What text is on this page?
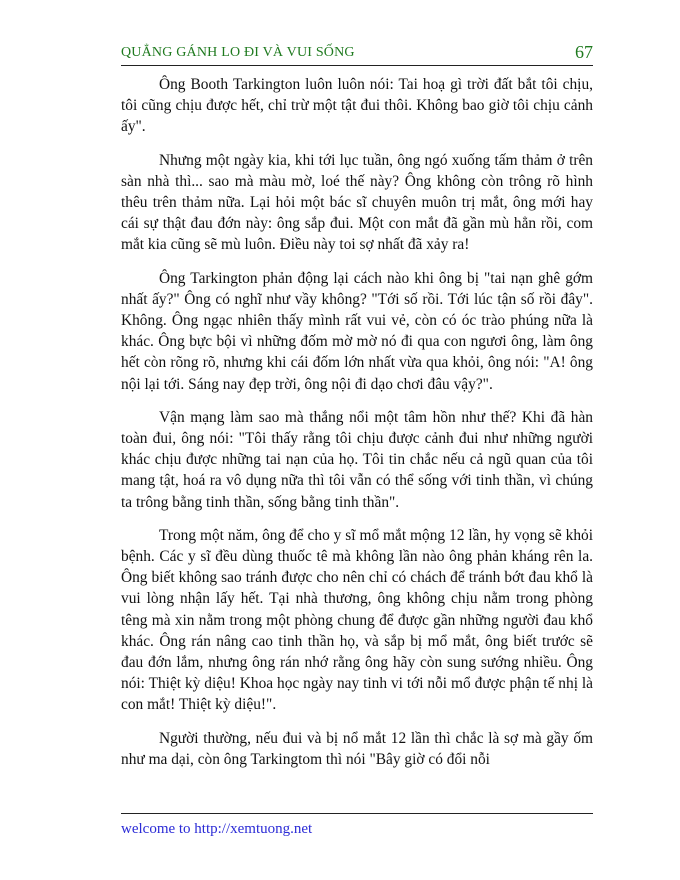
QUẲNG GÁNH LO ĐI VÀ VUI SỐNG	67

Ông Booth Tarkington luôn luôn nói: Tai hoạ gì trời đất bắt tôi chịu, tôi cũng chịu được hết, chỉ trừ một tật đui thôi. Không bao giờ tôi chịu cảnh ấy".

Nhưng một ngày kia, khi tới lục tuần, ông ngó xuống tấm thảm ở trên sàn nhà thì... sao mà màu mờ, loé thế này? Ông không còn trông rõ hình thêu trên thảm nữa. Lại hỏi một bác sĩ chuyên muôn trị mắt, ông mới hay cái sự thật đau đớn này: ông sắp đui. Một con mắt đã gần mù hẳn rồi, com mắt kia cũng sẽ mù luôn. Điều này toi sợ nhất đã xảy ra!

Ông Tarkington phản động lại cách nào khi ông bị "tai nạn ghê gớm nhất ấy?" Ông có nghĩ như vầy không? "Tới số rồi. Tới lúc tận số rồi đây". Không. Ông ngạc nhiên thấy mình rất vui vẻ, còn có óc trào phúng nữa là khác. Ông bực bội vì những đốm mờ mờ nó đi qua con ngươi ông, làm ông hết còn rõng rõ, nhưng khi cái đốm lớn nhất vừa qua khỏi, ông nói: "A! ông nội lại tới. Sáng nay đẹp trời, ông nội đi dạo chơi đâu vậy?".

Vận mạng làm sao mà thắng nổi một tâm hồn như thế? Khi đã hàn toàn đui, ông nói: "Tôi thấy rằng tôi chịu được cảnh đui như những người khác chịu được những tai nạn của họ. Tôi tin chắc nếu cả ngũ quan của tôi mang tật, hoá ra vô dụng nữa thì tôi vẫn có thể sống với tinh thần, vì chúng ta trông bằng tinh thần, sống bằng tinh thần".

Trong một năm, ông để cho y sĩ mổ mắt mộng 12 lần, hy vọng sẽ khỏi bệnh. Các y sĩ đều dùng thuốc tê mà không lần nào ông phản kháng rên la. Ông biết không sao tránh được cho nên chỉ có chách để tránh bớt đau khổ là vui lòng nhận lấy hết. Tại nhà thương, ông không chịu nằm trong phòng têng mà xin nằm trong một phòng chung để được gần những người đau khổ khác. Ông rán nâng cao tinh thần họ, và sắp bị mổ mắt, ông biết trước sẽ đau đớn lắm, nhưng ông rán nhớ rằng ông hãy còn sung sướng nhiều. Ông nói: Thiệt kỳ diệu! Khoa học ngày nay tinh vi tới nỗi mổ được phận tế nhị là con mắt! Thiệt kỳ diệu!".

Người thường, nếu đui và bị nổ mắt 12 lần thì chắc là sợ mà gầy ốm như ma dại, còn ông Tarkingtom thì nói "Bây giờ có đổi nỗi

welcome to http://xemtuong.net
